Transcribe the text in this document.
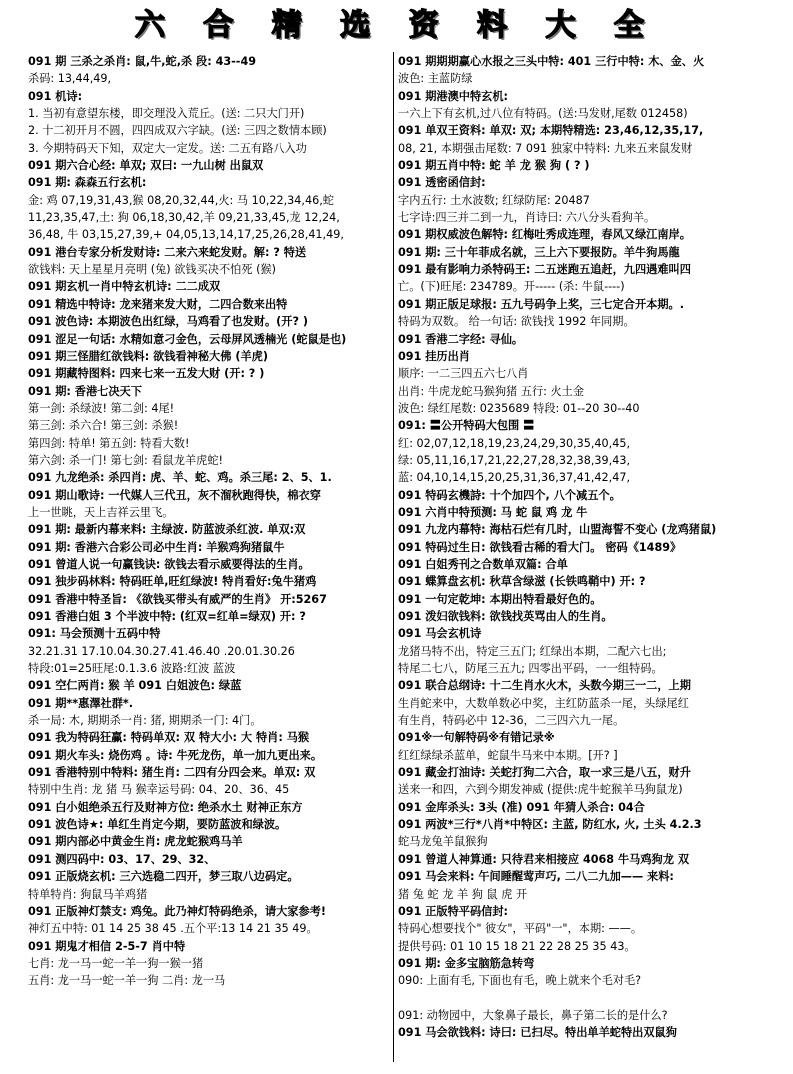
六 合 精 选 资 料 大 全
091 期 三杀之杀肖: 鼠,牛,蛇,杀 段: 43--49
杀码: 13,44,49,
091 机诗:
1. 当初有意望东楼，即交理没入荒丘。(送: 二只大门开)
2. 十二初开月不圆，四四成双六字缺。(送: 三四之数情本顾)
3. 今期特码天下知，双定大一定发。送: 二五有路八入功
091 期六合心经: 单双; 双曰: 一九山树 出鼠双
091 期: 森森五行玄机:
金: 鸡 07,19,31,43,猴 08,20,32,44,火: 马 10,22,34,46,蛇
11,23,35,47,土: 狗 06,18,30,42,羊 09,21,33,45,龙 12,24,
36,48, 牛 03,15,27,39,+ 04,05,13,14,17,25,26,28,41,49,
091 港台专家分析发财诗: 二来六来蛇发财。解: ? 特送
欲钱料: 天上星星月亮明 (兔) 欲钱买决不怕死 (猴)
091 期玄机一肖中特玄机诗: 二二成双
091 精选中特诗: 龙来猪来发大财，二四合数来出特
091 波色诗: 本期波色出红绿，马鸡看了也发财。(开? )
091 涩足一句话: 水精如意刁金色，云母屏风透楠光 (蛇鼠是也)
091 期三怪腊红欲钱料: 欲钱看神秘大佛 (羊虎)
091 期藏特图料: 四来七来一五发大财 (开: ? )
091 期: 香港七决天下
第一剑: 杀绿波! 第二剑: 4尾!
第三剑: 杀六合! 第三剑: 杀猴!
第四剑: 特单! 第五剑: 特看大数!
第六剑: 杀一门! 第七剑: 看鼠龙羊虎蛇!
091 九龙绝杀: 杀四肖: 虎、羊、蛇、鸡。杀三尾: 2、5、1.
091 期山歌诗: 一代媒人三代丑，灰不溜秋跑得快，棉衣穿
上一世眺，天上吉祥云里飞。
091 期: 最新内幕来料: 主绿波. 防蓝波杀红波. 单双:双
091 期: 香港六合彩公司必中生肖: 羊猴鸡狗猪鼠牛
091 曾道人说一句赢钱诀: 欲钱去看示威要得法的生肖。
091 独步码林料: 特码旺单,旺红绿波! 特肖看好:兔牛猪鸡
091 香港中特圣旨: 《欲钱买带头有威严的生肖》 开:5267
091 香港白姐 3 个半波中特: (红双=红单=绿双) 开: ?
091: 马会预测十五码中特
32.21.31 17.10.04.30.27.41.46.40 .20.01.30.26
特段:01=25旺尾:0.1.3.6 波路:红波 蓝波
091 空仁两肖: 猴 羊 091 白姐波色: 绿蓝
091 期**惠澤社群*.
杀一局: 木, 期期杀一肖: 猪, 期期杀一门: 4门。
091 我为特码狂赢: 特码单双: 双 特大小: 大 特肖: 马猴
091 期火车头: 烧伤鸡 。诗: 牛死龙伤，单一加九更出来。
091 香港特别中特料: 猪生肖: 二四有分四会来。单双: 双
特别中生肖: 龙 猪 马 猴幸运号码: 04、20、36、45
091 白小姐绝杀五行及财神方位: 绝杀水土 财神正东方
091 波色诗★: 单红生肖定今期，要防蓝波和绿波。
091 期内部必中黄金生肖: 虎龙蛇猴鸡马羊
091 测四码中: 03、17、29、32、
091 正版烧玄机: 三六选稳二四开，梦三取八边码定。
特单特肖: 狗鼠马羊鸡猪
091 正版神灯禁支: 鸡兔。此乃神灯特码绝杀，请大家参考!
神灯五中特: 01 14 25 38 45 .五个平:13 14 21 35 49。
091 期鬼才相信 2-5-7 肖中特
七肖: 龙一马一蛇一羊一狗一猴一猪
五肖: 龙一马一蛇一羊一狗 二肖: 龙一马
091 期期期赢心水报之三头中特: 401 三行中特: 木、金、火
波色: 主蓝防绿
091 期港澳中特玄机:
一六上下有玄机,过八位有特码。(送:马发财,尾数 012458)
091 单双王资料: 单双: 双; 本期特精选: 23,46,12,35,17,
08, 21, 本期强击尾数: 7 091 独家中特料: 九来五来鼠发财
091 期五肖中特: 蛇 羊 龙 猴 狗 ( ? )
091 透密函信封:
字内五行: 土水波数; 红绿防尾: 20487
七字诗:四三并二到一九，肖诗曰: 六八分头看狗羊。
091 期权威波色解特: 红梅吐秀成连理，春风又绿江南岸。
091 期: 三十年菲成名就，三上六下要报防。羊牛狗馬龍
091 最有影响力杀特码王: 二五迷跑五追赶，九四遇难叫四
亡。(下)旺尾: 234789。开----- (杀: 牛鼠----)
091 期正版足球报: 五九号码争上奖，三七定合开本期。.
特码为双数。 给一句话: 欲钱找 1992 年同期。
091 香港二字经: 寻仙。
091 挂历出肖
顺序: 一二三四五六七八肖
出肖: 牛虎龙蛇马猴狗猪 五行: 火土金
波色: 绿红尾数: 0235689 特段: 01--20 30--40
091: 〓公开特码大包围 〓
红: 02,07,12,18,19,23,24,29,30,35,40,45,
绿: 05,11,16,17,21,22,27,28,32,38,39,43,
蓝: 04,10,14,15,20,25,31,36,37,41,42,47,
091 特码玄機詩: 十个加四个, 八个减五个。
091 六肖中特预测: 马 蛇 鼠 鸡 龙 牛
091 九龙内幕特: 海枯石烂有几时，山盟海誓不变心 (龙鸡猪鼠)
091 特码过生日: 欲钱看古稀的看大门。 密码《1489》
091 白姐秀刊之合数单双篇: 合单
091 蝶算盘玄机: 秋草含绿滋 (长铁鸣鞘中) 开: ?
091 一句定乾坤: 本期出特看最好色的。
091 泼妇欲钱料: 欲钱找英骂由人的生肖。
091 马会玄机诗
龙猪马特不出，特定三五门; 红绿出本期，二配六七出;
特尾二七八，防尾三五九; 四零出平码，一一组特码。
091 联合总纲诗: 十二生肖水火木，头数今期三一二，上期
生肖蛇来中，大数单数必中奖，主红防蓝杀一尾，头绿尾红
有生肖，特码必中 12-36，二三四六九一尾。
091※一句解特码※有错记录※
红红绿绿杀蓝单，蛇鼠牛马来中本期。[开? ]
091 藏金打油诗: 关蛇打狗二六合，取一求三是八五，财升
送来一和四，六到今期发神威 (提供:虎牛蛇猴羊马狗鼠龙)
091 金库杀头: 3头 (准) 091 年猜人杀合: 04合
091 两波*三行*八肖*中特区: 主蓝, 防红水, 火, 土头 4.2.3
蛇马龙兔羊鼠猴狗
091 曾道人神算通: 只待君来相接应 4068 牛马鸡狗龙 双
091 马会来料: 午间睡醒莺声巧, 二八二九加—— 来料:
猪 兔 蛇 龙 羊 狗 鼠 虎 开
091 正版特平码信封:
特码心想要找个" 彼女"，平码"一"，本期: ——。
提供号码: 01 10 15 18 21 22 28 25 35 43。
091 期: 金多宝脑筋急转弯
090: 上面有毛, 下面也有毛，晚上就来个毛对毛?
091: 动物园中，大象鼻子最长，鼻子第二长的是什么?
091 马会欲钱料: 诗曰: 已扫尽。特出单羊蛇特出双鼠狗
